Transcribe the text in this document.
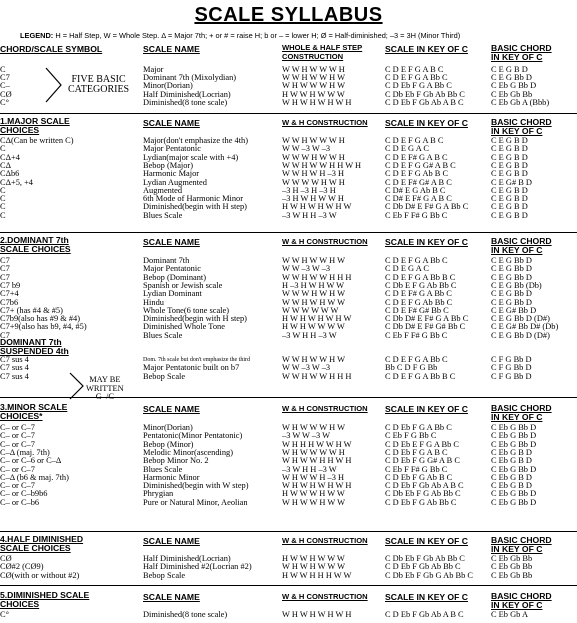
SCALE SYLLABUS
LEGEND: H = Half Step, W = Whole Step. Δ = Major 7th; + or # = raise H; b or – = lower H; Ø = Half-diminished; –3 = 3H (Minor Third)
CHORD/SCALE SYMBOL	SCALE NAME	WHOLE & HALF STEP
CONSTRUCTION
SCALE IN KEY OF C	BASIC CHORD
IN KEY OF C
C	Major	W W H W W W H	C D E F G A B C	C E G B D
C7	Dominant 7th (Mixolydian)	W W H W W H W	C D E F G A Bb C	C E G Bb D
C–	Minor(Dorian)	W H W W W H W	C D Eb F G A Bb C	C Eb G Bb D
CØ	Half Diminished(Locrian)	H W W H W W W	C Db Eb F Gb Ab Bb C	C Eb Gb Bb
C°	Diminished(8 tone scale)	W H W H W H W H	C D Eb F Gb Ab A B C	C Eb Gb A (Bbb)
FIVE BASIC
CATEGORIES
1.MAJOR SCALE
CHOICES
SCALE NAME	W & H CONSTRUCTION SCALE IN KEY OF C	BASIC CHORD
IN KEY OF C
CΔ(Can be written C)	Major(don't emphasize the 4th)	W W H W W W H	C D E F G A B C	C E G B D
C	Major Pentatonic	W W –3 W –3	C D E G A C	C E G B D
CΔ+4	Lydian(major scale with +4)	W W W H W W H	C D E F# G A B C	C E G B D
CΔ	Bebop (Major)	W W H W W H H W H	C D E F G G# A B C	C E G B D
CΔb6	Harmonic Major	W W H W H –3 H	C D E F G Ab B C	C E G B D
CΔ+5, +4	Lydian Augmented	W W W W H W H	C D E F# G# A B C	C E G# B D
C	Augmented	–3 H –3 H –3 H	C D# E G Ab B C	C E G B D
C	6th Mode of Harmonic Minor	–3 H W H W W H	C D# E F# G A B C	C E G B D
C	Diminished(begin with H step)	H W H W H W H W	C Db D# E F# G A Bb C	C E G B D
C	Blues Scale	–3 W H H –3 W	C Eb F F# G Bb C	C E G B D
2.DOMINANT 7th
SCALE CHOICES
SCALE NAME	W & H CONSTRUCTION SCALE IN KEY OF C	BASIC CHORD
IN KEY OF C
C7	Dominant 7th	W W H W W H W	C D E F G A Bb C	C E G Bb D
C7	Major Pentatonic	W W –3 W –3	C D E G A C	C E G Bb D
C7	Bebop (Dominant)	W W H W W H H H	C D E F G A Bb B C	C E G Bb D
C7 b9	Spanish or Jewish scale	H –3 H W H W W	C Db E F G Ab Bb C	C E G Bb (Db)
C7+4	Lydian Dominant	W W W H W H W	C D E F# G A Bb C	C E G Bb D
C7b6	Hindu	W W H W H W W	C D E F G Ab Bb C	C E G Bb D
C7+ (has #4 & #5)	Whole Tone(6 tone scale)	W W W W W W	C D E F# G# Bb C	C E G# Bb D
C7b9(also has #9 & #4)	Diminished(begin with H step)	H W H W H W H W	C Db D# E F# G A Bb C	C E G Bb D (D#)
C7+9(also has b9, #4, #5)	Diminished Whole Tone	H W H W W W W	C Db D# E F# G# Bb C	C E G# Bb D# (Db)
C7	Blues Scale	–3 W H H –3 W	C Eb F F# G Bb C	C E G Bb D (D#)
DOMINANT 7th
SUSPENDED 4th
C7 sus 4	Dom. 7th scale but don't emphasize the third	W W H W W H W	C D E F G A Bb C	C F G Bb D
C7 sus 4	Major Pentatonic built on b7	W W –3 W –3	Bb C D F G Bb	C F G Bb D
C7 sus 4	Bebop Scale	W W H W W H H H	C D E F G A Bb B C	C F G Bb D
3.MINOR SCALE
CHOICES*
SCALE NAME	W & H CONSTRUCTION SCALE IN KEY OF C	BASIC CHORD
IN KEY OF C
C– or C–7	Minor(Dorian)	W H W W W H W	C D Eb F G A Bb C	C Eb G Bb D
C– or C–7	Pentatonic(Minor Pentatonic)	–3 W W –3 W	C Eb F G Bb C	C Eb G Bb D
C– or C–7	Bebop (Minor)	W H H H W W H W	C D Eb E F G A Bb C	C Eb G Bb D
C–Δ (maj. 7th)	Melodic Minor(ascending)	W H W W W W H	C D Eb F G A B C	C Eb G B D
C– or C–6 or C–Δ	Bebop Minor No. 2	W H W W H H W H	C D Eb F G G# A B C	C Eb G B D
C– or C–7	Blues Scale	–3 W H H –3 W	C Eb F F# G Bb C	C Eb G Bb D
C–Δ (b6 & maj. 7th)	Harmonic Minor	W H W W H –3 H	C D Eb F G Ab B C	C Eb G B D
C– or C–7	Diminished(begin with W step)	W H W H W H W H	C D Eb F Gb Ab A B C	C Eb G B D
C– or C–b9b6	Phrygian	H W W W H W W	C Db Eb F G Ab Bb C	C Eb G Bb D
C– or C–b6	Pure or Natural Minor, Aeolian	W H W W H W W	C D Eb F G Ab Bb C	C Eb G Bb D
4.HALF DIMINISHED
SCALE CHOICES
SCALE NAME	W & H CONSTRUCTION SCALE IN KEY OF C	BASIC CHORD
IN KEY OF C
CØ	Half Diminished(Locrian)	H W W H W W W	C Db Eb F Gb Ab Bb C	C Eb Gb Bb
CØ#2 (CØ9)	Half Diminished #2(Locrian #2)	W H W H W W W	C D Eb F Gb Ab Bb C	C Eb Gb Bb
CØ(with or without #2)	Bebop Scale	H W W H H H W W	C Db Eb F Gb G Ab Bb C	C Eb Gb Bb
5.DIMINISHED SCALE
CHOICES
SCALE NAME	W & H CONSTRUCTION SCALE IN KEY OF C	BASIC CHORD
IN KEY OF C
C°	Diminished(8 tone scale)	W H W H W H W H	C D Eb F Gb Ab A B C	C Eb Gb A
MAY BE
WRITTEN
G–/C
